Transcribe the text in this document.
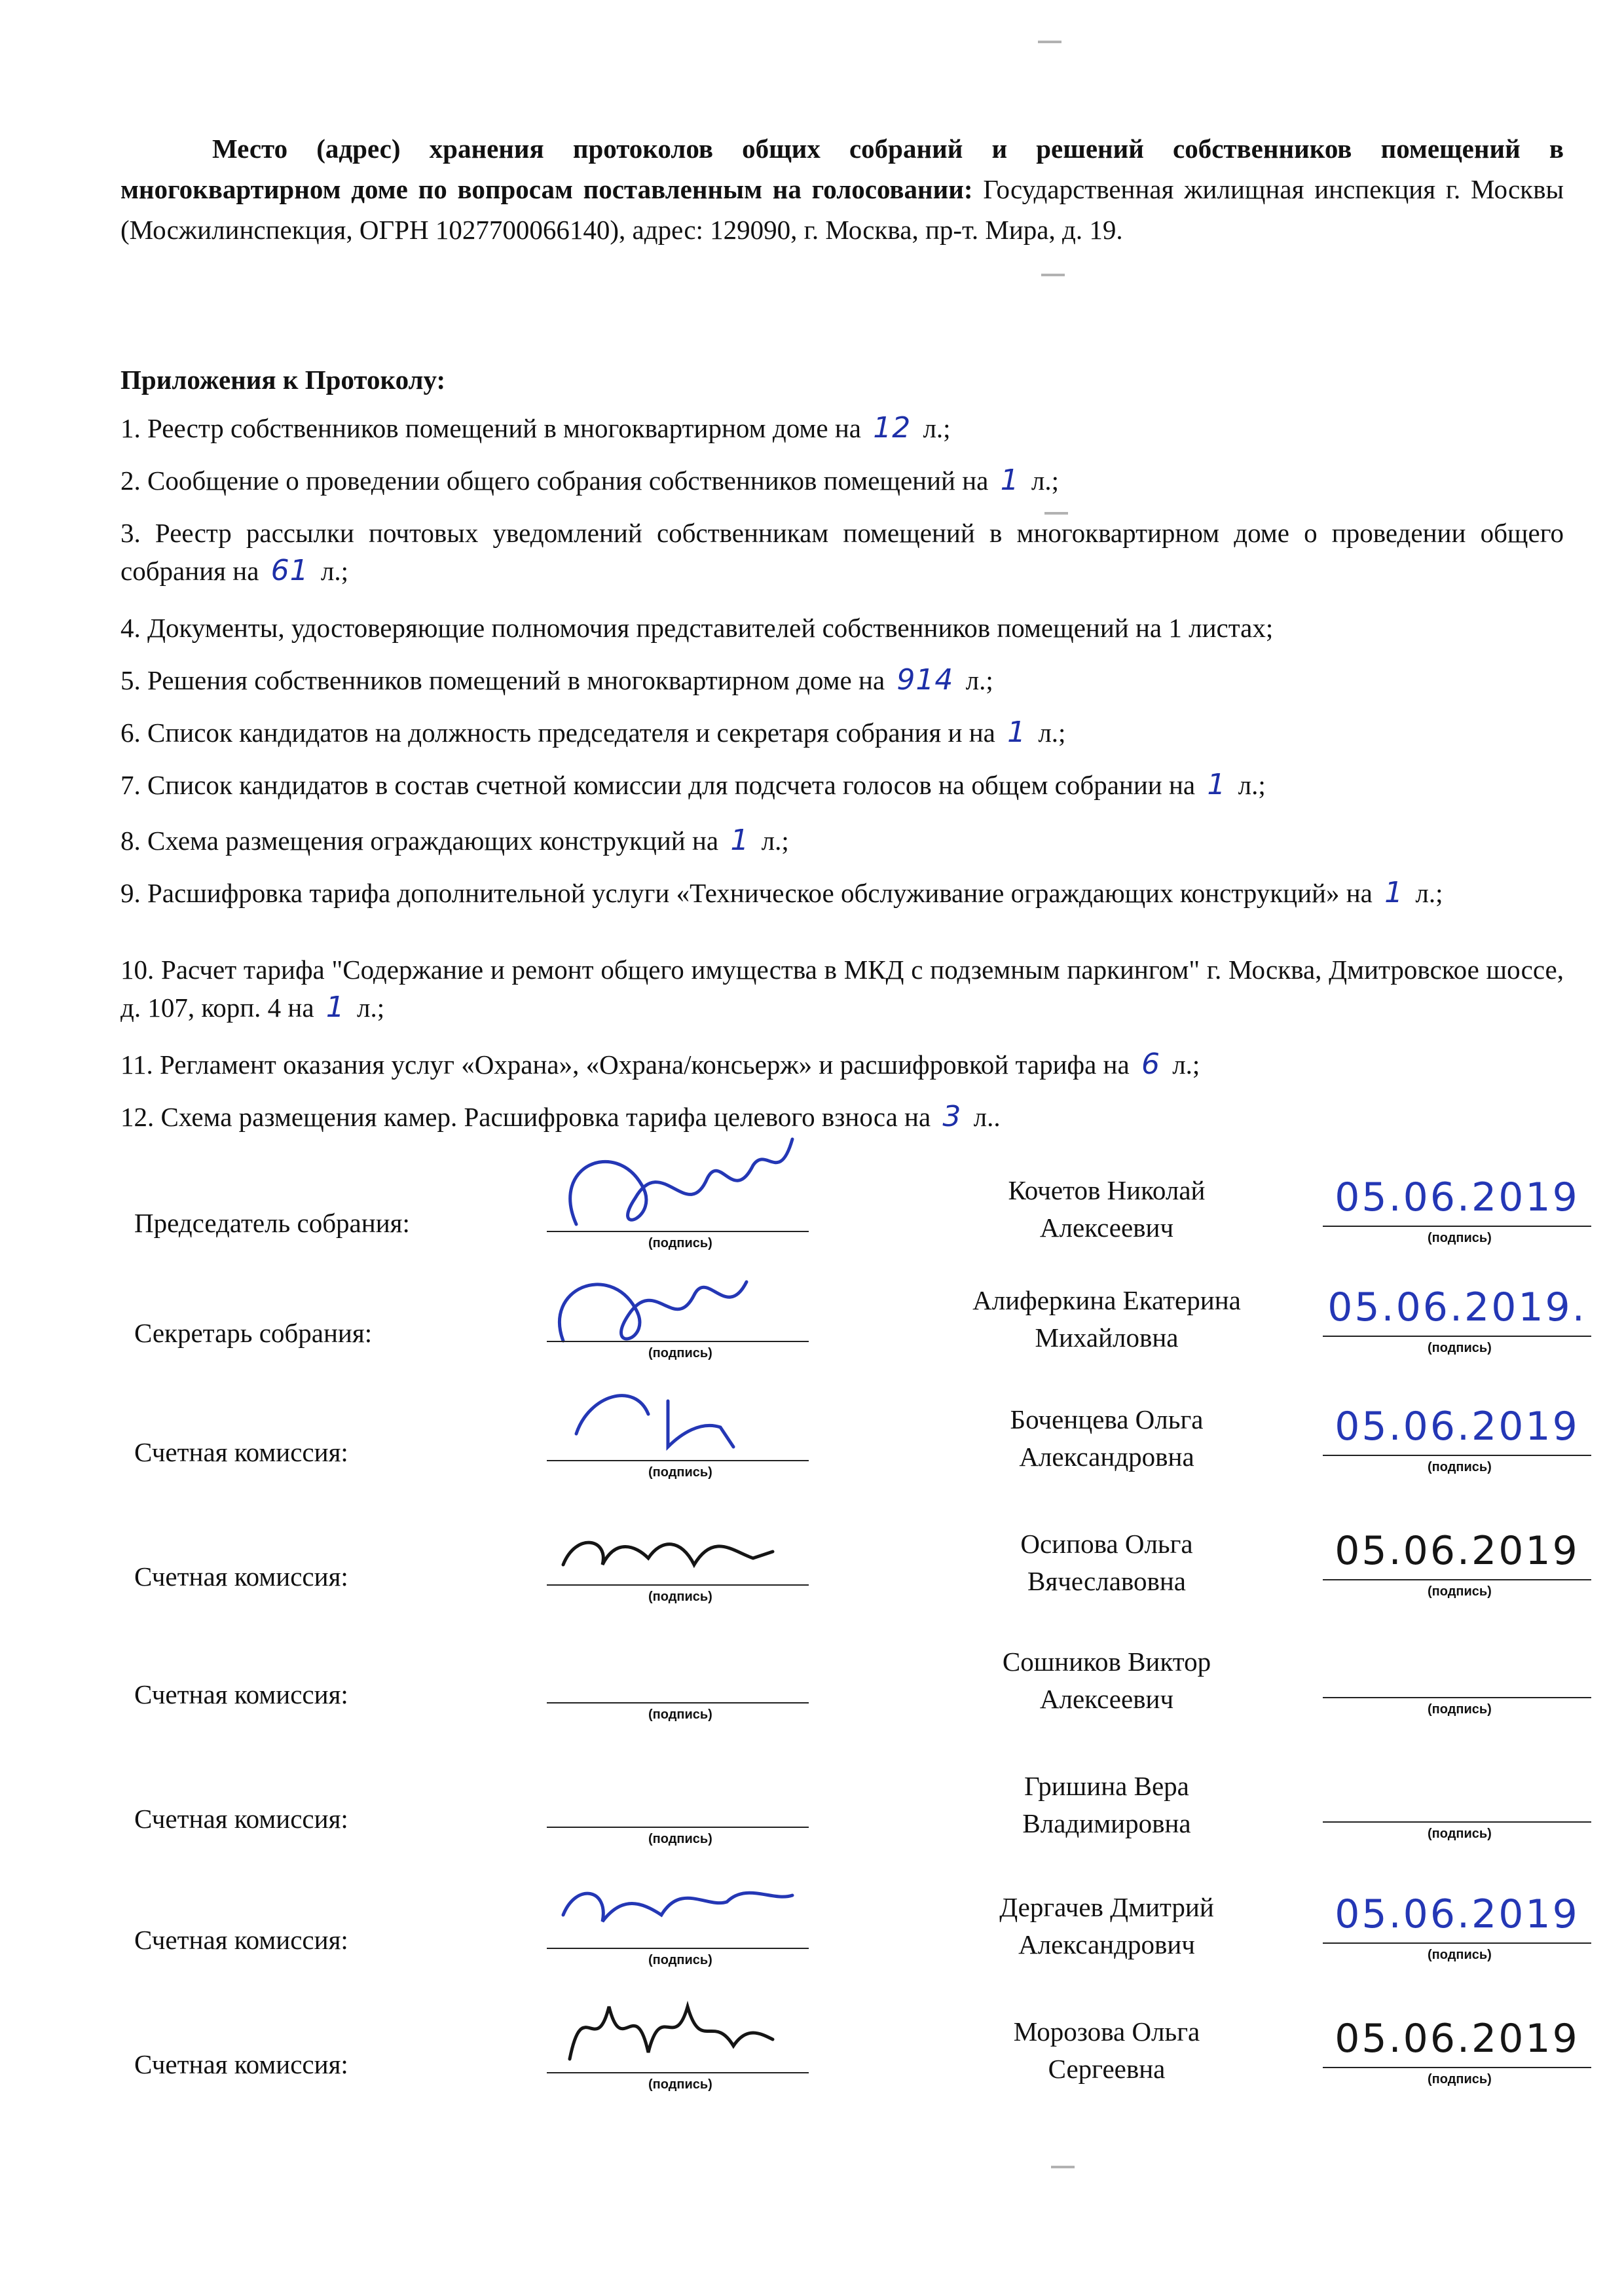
Место (адрес) хранения протоколов общих собраний и решений собственников помещений в многоквартирном доме по вопросам поставленным на голосовании: Государственная жилищная инспекция г. Москвы (Мосжилинспекция, ОГРН 1027700066140), адрес: 129090, г. Москва, пр-т. Мира, д. 19.
Приложения к Протоколу:
1. Реестр собственников помещений в многоквартирном доме на 12 л.;
2. Сообщение о проведении общего собрания собственников помещений на 1 л.;
3. Реестр рассылки почтовых уведомлений собственникам помещений в многоквартирном доме о проведении общего собрания на 61 л.;
4. Документы, удостоверяющие полномочия представителей собственников помещений на 1 листах;
5. Решения собственников помещений в многоквартирном доме на 914 л.;
6. Список кандидатов на должность председателя и секретаря собрания и на 1 л.;
7. Список кандидатов в состав счетной комиссии для подсчета голосов на общем собрании на 1 л.;
8. Схема размещения ограждающих конструкций на 1 л.;
9. Расшифровка тарифа дополнительной услуги «Техническое обслуживание ограждающих конструкций» на 1 л.;
10. Расчет тарифа "Содержание и ремонт общего имущества в МКД с подземным паркингом" г. Москва, Дмитровское шоссе, д. 107, корп. 4 на 1 л.;
11. Регламент оказания услуг «Охрана», «Охрана/консьерж» и расшифровкой тарифа на 6 л.;
12. Схема размещения камер. Расшифровка тарифа целевого взноса на 3 л..
Председатель собрания:
(подпись)
Кочетов Николай
Алексеевич
05.06.2019
(подпись)
Секретарь собрания:
(подпись)
Алиферкина Екатерина
Михайловна
05.06.2019.
(подпись)
Счетная комиссия:
(подпись)
Боченцева Ольга
Александровна
05.06.2019
(подпись)
Счетная комиссия:
(подпись)
Осипова Ольга
Вячеславовна
05.06.2019
(подпись)
Счетная комиссия:
(подпись)
Сошников Виктор
Алексеевич	(подпись)
Счетная комиссия:
(подпись)
Гришина Вера
Владимировна	(подпись)
Счетная комиссия:
(подпись)
Дергачев Дмитрий
Александрович
05.06.2019
(подпись)
Счетная комиссия:
(подпись)
Морозова Ольга
Сергеевна
05.06.2019
(подпись)
